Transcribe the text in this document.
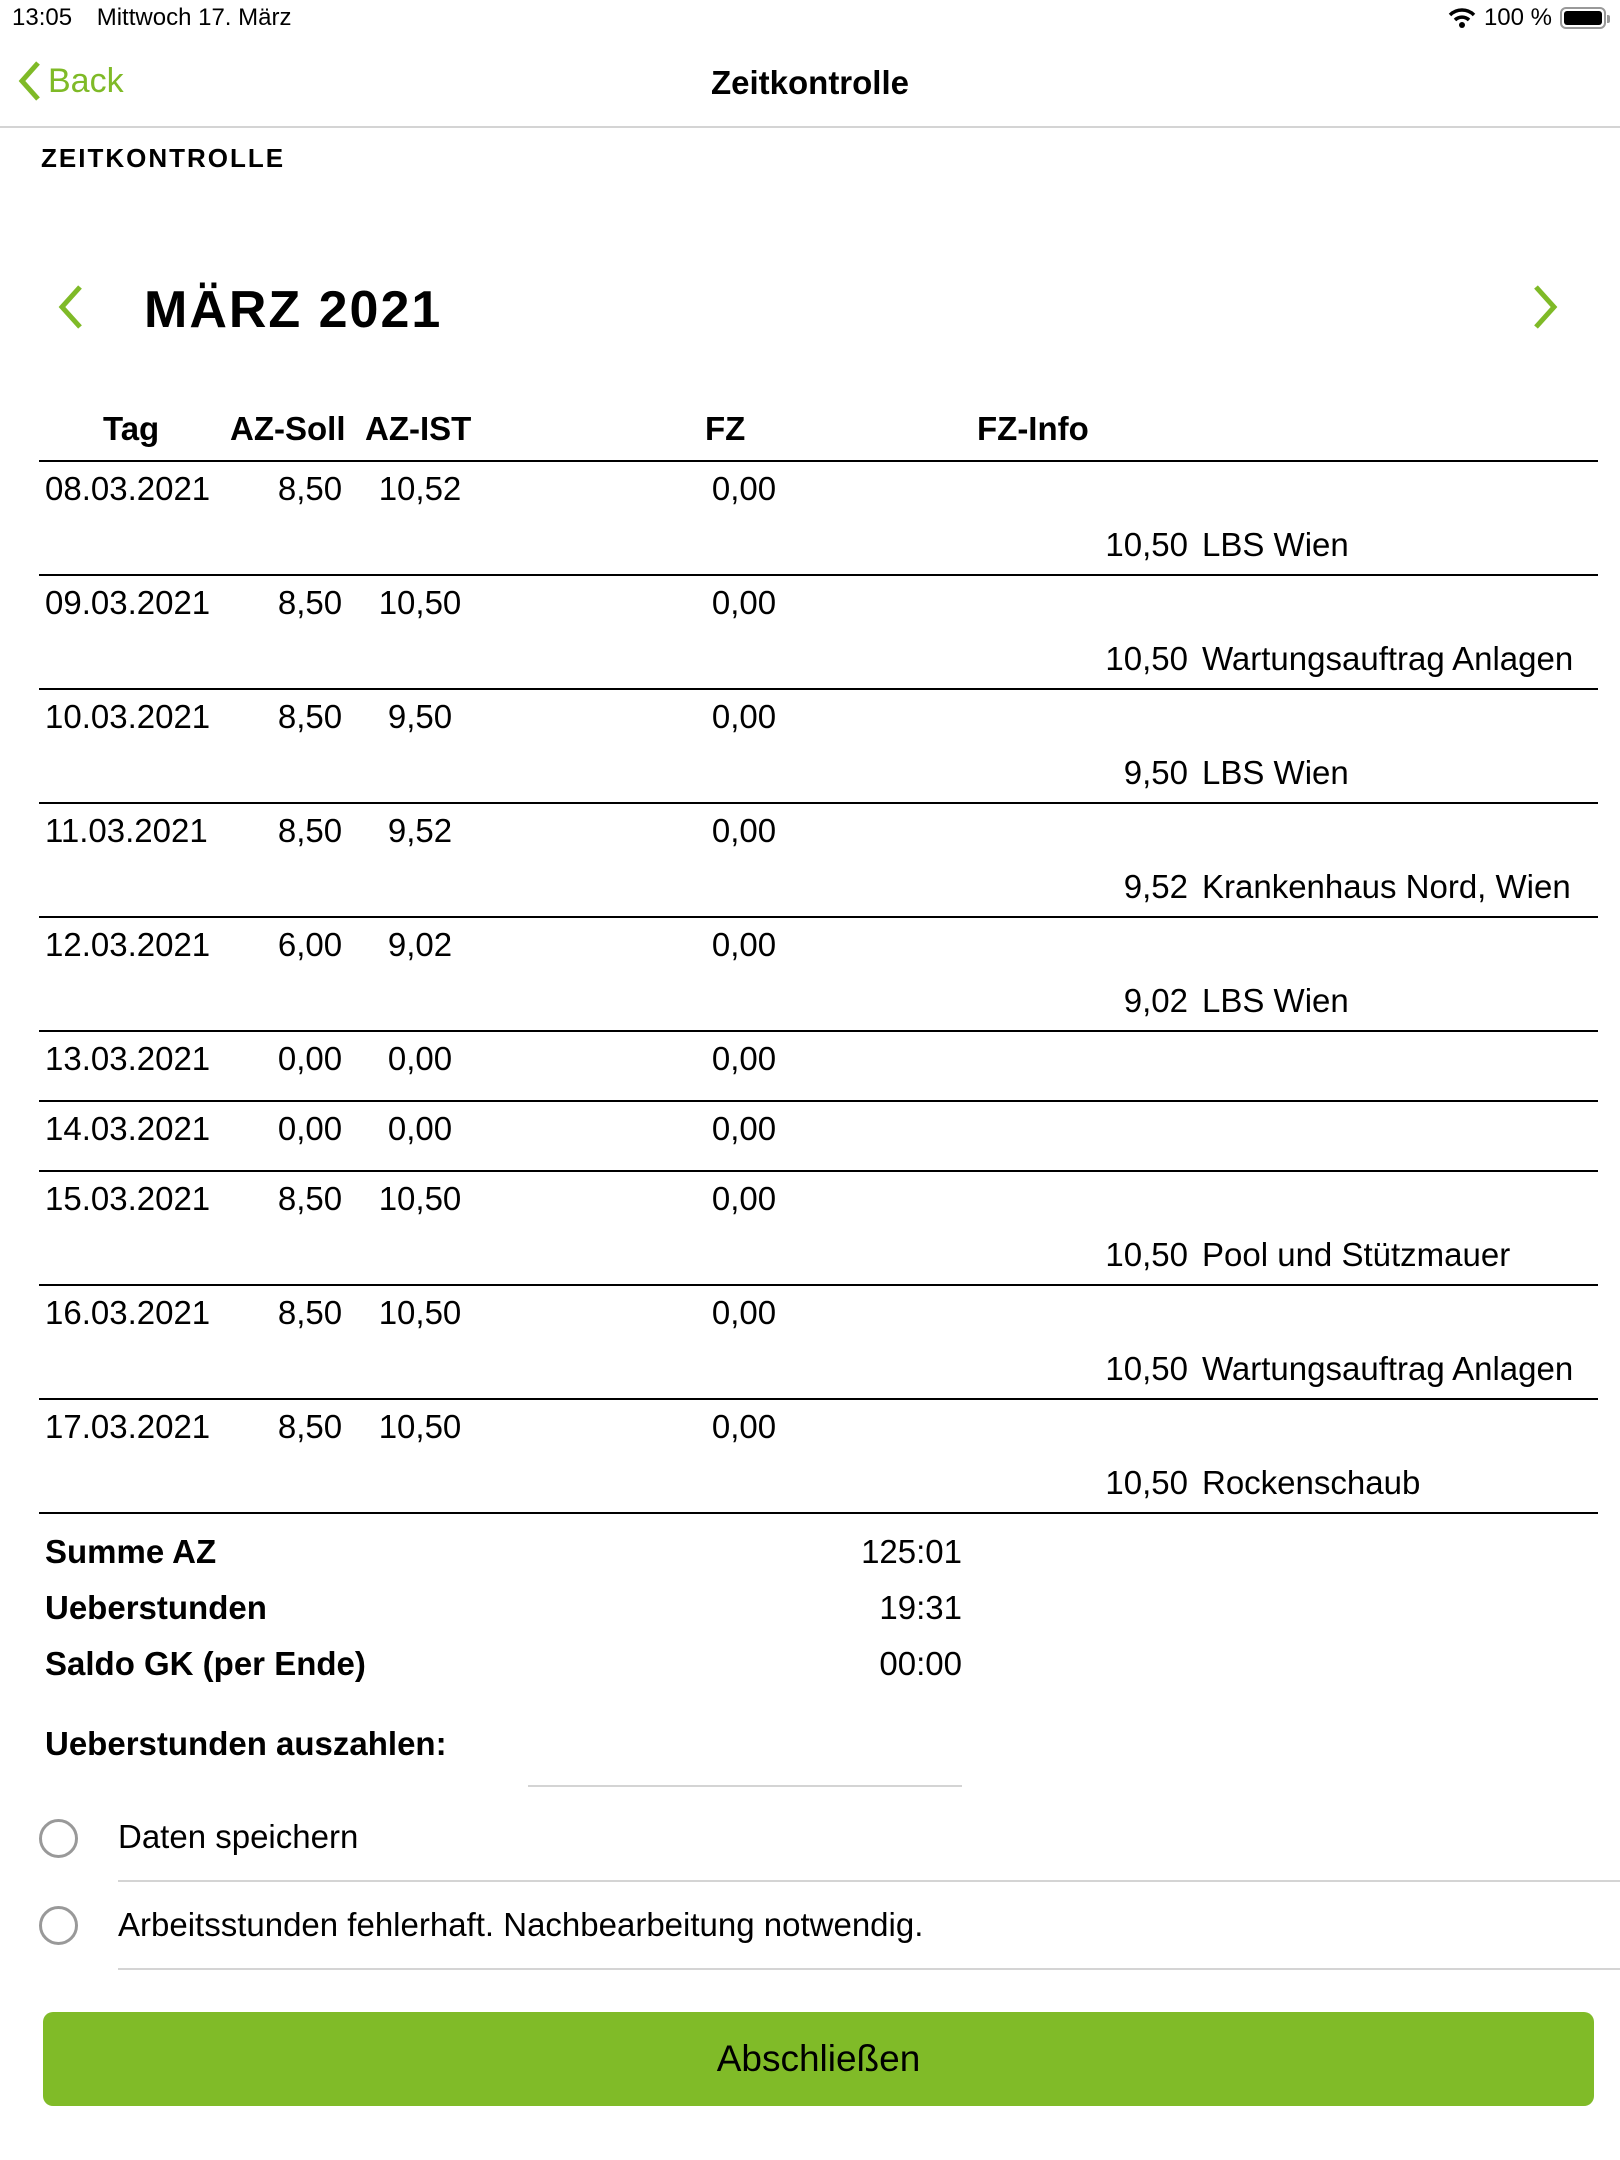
13:05 Mittwoch 17. März	100 %
Back	Zeitkontrolle
ZEITKONTROLLE
MÄRZ 2021
Tag AZ-Soll AZ-IST	FZ	FZ-Info
08.03.2021	8,50	10,52	0,00
10,50 LBS Wien
09.03.2021	8,50	10,50	0,00
10,50 Wartungsauftrag Anlagen
10.03.2021	8,50	9,50	0,00
9,50 LBS Wien
11.03.2021	8,50	9,52	0,00
9,52 Krankenhaus Nord, Wien
12.03.2021	6,00	9,02	0,00
9,02 LBS Wien
13.03.2021	0,00	0,00	0,00
14.03.2021	0,00	0,00	0,00
15.03.2021	8,50	10,50	0,00
10,50 Pool und Stützmauer
16.03.2021	8,50	10,50	0,00
10,50 Wartungsauftrag Anlagen
17.03.2021	8,50	10,50	0,00
10,50 Rockenschaub
Summe AZ	125:01
Ueberstunden	19:31
Saldo GK (per Ende)	00:00
Ueberstunden auszahlen:
Daten speichern
Arbeitsstunden fehlerhaft. Nachbearbeitung notwendig.
Abschließen
